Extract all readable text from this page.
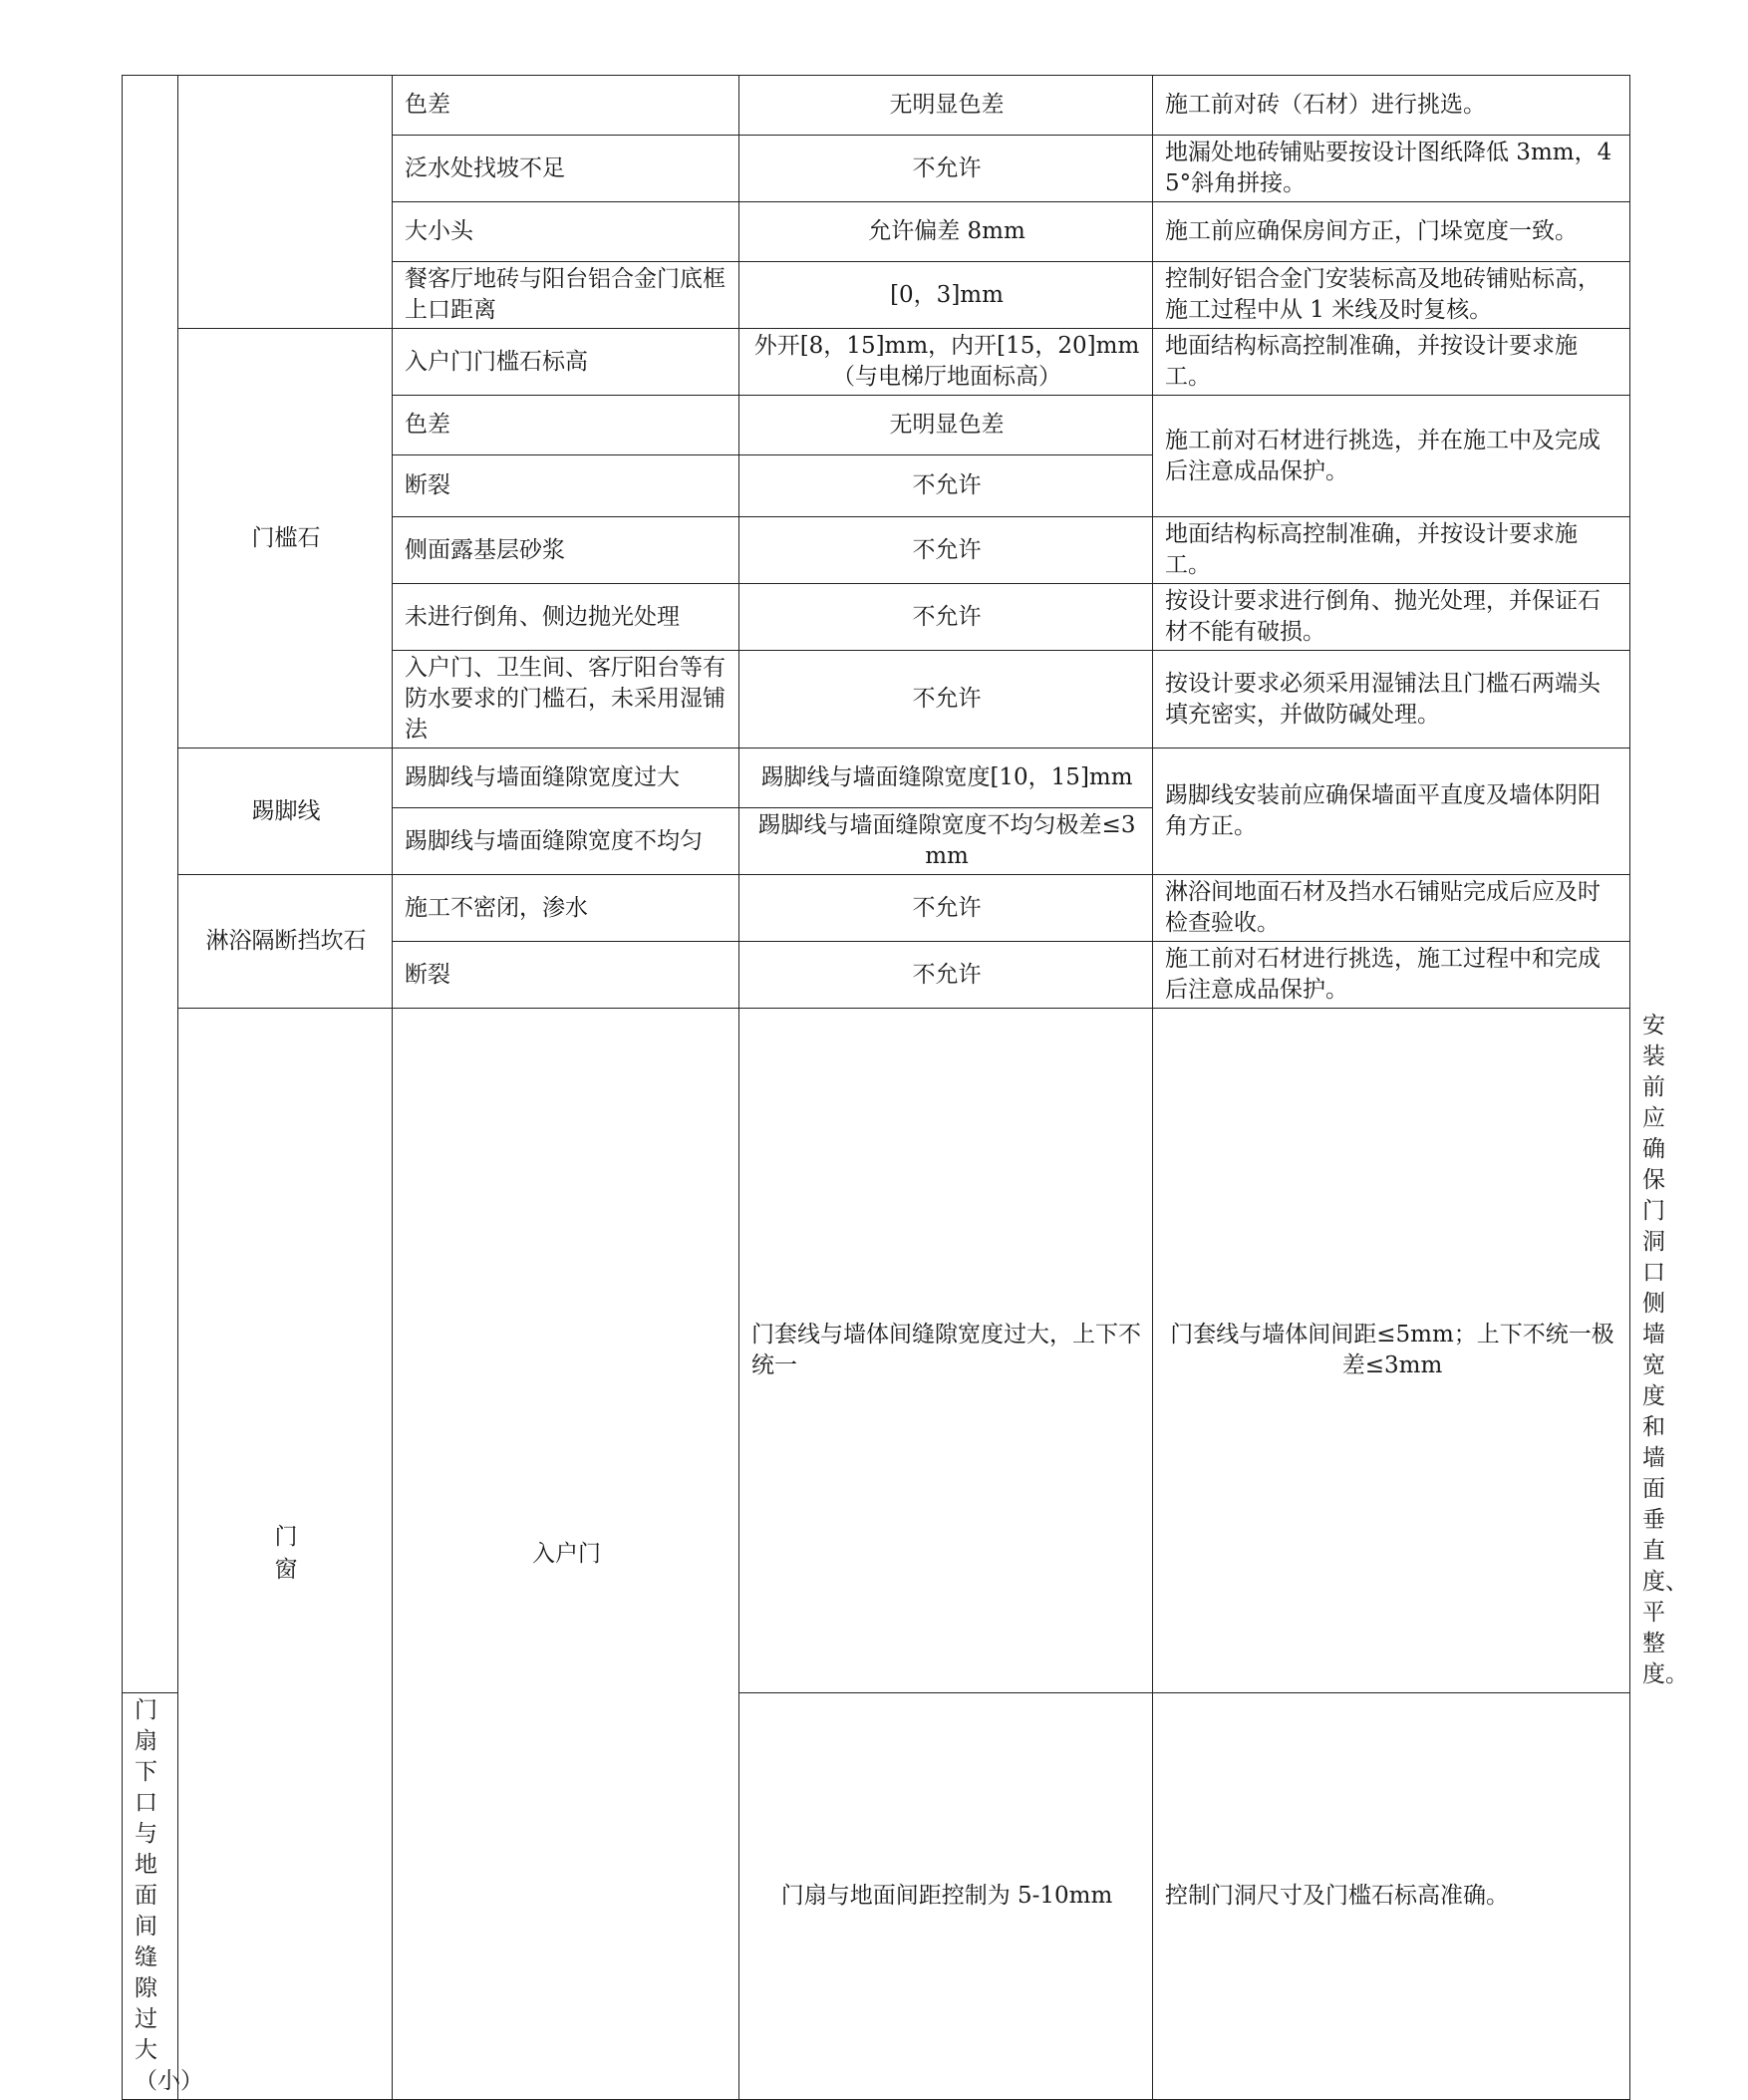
		色差	无明显色差	施工前对砖（石材）进行挑选。	
		泛水处找坡不足	不允许	地漏处地砖铺贴要按设计图纸降低 3mm，45°斜角拼接。	
		大小头	允许偏差 8mm	施工前应确保房间方正，门垛宽度一致。	
		餐客厅地砖与阳台铝合金门底框上口距离	[0，3]mm	控制好铝合金门安装标高及地砖铺贴标高，施工过程中从 1 米线及时复核。	
	门槛石	入户门门槛石标高	外开[8，15]mm，内开[15，20]mm（与电梯厅地面标高）	地面结构标高控制准确，并按设计要求施工。	
		色差	无明显色差	施工前对石材进行挑选，并在施工中及完成后注意成品保护。	
		断裂	不允许		
		侧面露基层砂浆	不允许	地面结构标高控制准确，并按设计要求施工。	
		未进行倒角、侧边抛光处理	不允许	按设计要求进行倒角、抛光处理，并保证石材不能有破损。	
		入户门、卫生间、客厅阳台等有防水要求的门槛石，未采用湿铺法	不允许	按设计要求必须采用湿铺法且门槛石两端头填充密实，并做防碱处理。	
	踢脚线	踢脚线与墙面缝隙宽度过大	踢脚线与墙面缝隙宽度[10，15]mm	踢脚线安装前应确保墙面平直度及墙体阴阳角方正。	
		踢脚线与墙面缝隙宽度不均匀	踢脚线与墙面缝隙宽度不均匀极差≤3mm		
	淋浴隔断挡坎石	施工不密闭，渗水	不允许	淋浴间地面石材及挡水石铺贴完成后应及时检查验收。	
		断裂	不允许	施工前对石材进行挑选，施工过程中和完成后注意成品保护。	
	门窗	入户门	门套线与墙体间缝隙宽度过大，上下不统一	门套线与墙体间间距≤5mm；上下不统一极差≤3mm	安装前应确保门洞口侧墙宽度和墙面垂直度、平整度。
门扇下口与地面间缝隙过大（小）			门扇与地面间距控制为 5-10mm	控制门洞尺寸及门槛石标高准确。	
